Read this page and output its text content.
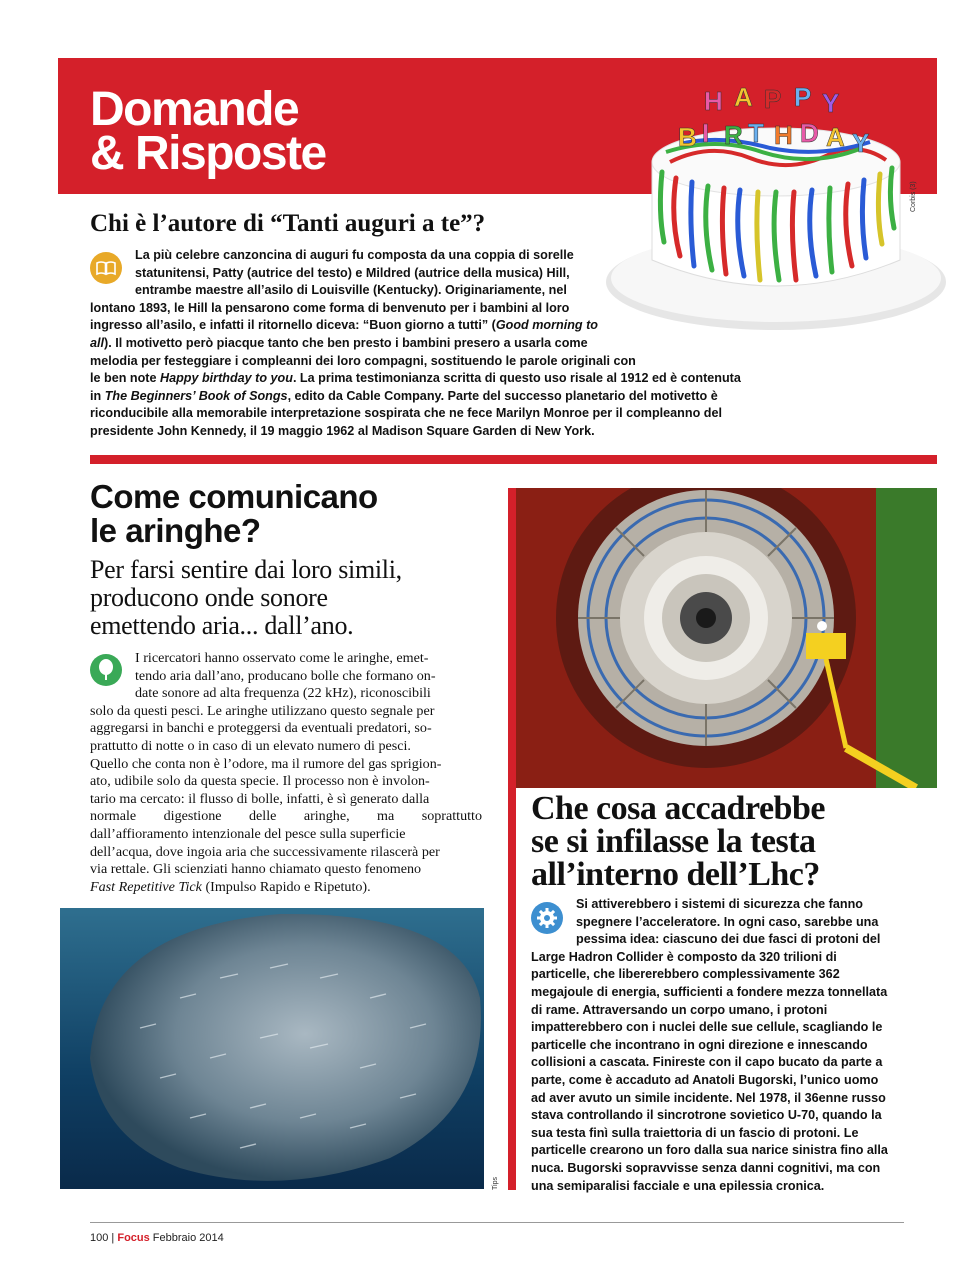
Domande
& Risposte
H A P P Y
B I R T H D A Y
Corbis (3)
Chi è l’autore di “Tanti auguri a te”?

La più celebre canzoncina di auguri fu composta da una coppia di sorelle

statunitensi, Patty (autrice del testo) e Mildred (autrice della musica) Hill,

entrambe maestre all’asilo di Louisville (Kentucky). Originariamente, nel

lontano 1893, le Hill la pensarono come forma di benvenuto per i bambini al loro

ingresso all’asilo, e infatti il ritornello diceva: “Buon giorno a tutti” (Good morning to

all). Il motivetto però piacque tanto che ben presto i bambini presero a usarla come

melodia per festeggiare i compleanni dei loro compagni, sostituendo le parole originali con

le ben note Happy birthday to you. La prima testimonianza scritta di questo uso risale al 1912 ed è contenuta

in The Beginners’ Book of Songs, edito da Cable Company. Parte del successo planetario del motivetto è

riconducibile alla memorabile interpretazione sospirata che ne fece Marilyn Monroe per il compleanno del

presidente John Kennedy, il 19 maggio 1962 al Madison Square Garden di New York.

Come comunicano
le aringhe?
Per farsi sentire dai loro simili,
producono onde sonore
emettendo aria... dall’ano.

I ricercatori hanno osservato come le aringhe, emet-

tendo aria dall’ano, producano bolle che formano on-

date sonore ad alta frequenza (22 kHz), riconoscibili

solo da questi pesci. Le aringhe utilizzano questo segnale per

aggregarsi in banchi e proteggersi da eventuali predatori, so-

prattutto di notte o in caso di un elevato numero di pesci.

Quello che conta non è l’odore, ma il rumore del gas sprigion-

ato, udibile solo da questa specie. Il processo non è involon-

tario ma cercato: il flusso di bolle, infatti, è sì generato dalla

normale digestione delle aringhe, ma soprattutto

dall’affioramento intenzionale del pesce sulla superficie

dell’acqua, dove ingoia aria che successivamente rilascerà per

via rettale. Gli scienziati hanno chiamato questo fenomeno

Fast Repetitive Tick (Impulso Rapido e Ripetuto).

Tips
Che cosa accadrebbe
se si infilasse la testa
all’interno dell’Lhc?

Si attiverebbero i sistemi di sicurezza che fanno

spegnere l’acceleratore. In ogni caso, sarebbe una

pessima idea: ciascuno dei due fasci di protoni del

Large Hadron Collider è composto da 320 trilioni di

particelle, che libererebbero complessivamente 362

megajoule di energia, sufficienti a fondere mezza tonnellata

di rame. Attraversando un corpo umano, i protoni

impatterebbero con i nuclei delle sue cellule, scagliando le

particelle che incontrano in ogni direzione e innescando

collisioni a cascata. Finireste con il capo bucato da parte a

parte, come è accaduto ad Anatoli Bugorski, l’unico uomo

ad aver avuto un simile incidente. Nel 1978, il 36enne russo

stava controllando il sincrotrone sovietico U-70, quando la

sua testa finì sulla traiettoria di un fascio di protoni. Le

particelle crearono un foro dalla sua narice sinistra fino alla

nuca. Bugorski sopravvisse senza danni cognitivi, ma con

una semiparalisi facciale e una epilessia cronica.

100 | Focus Febbraio 2014
